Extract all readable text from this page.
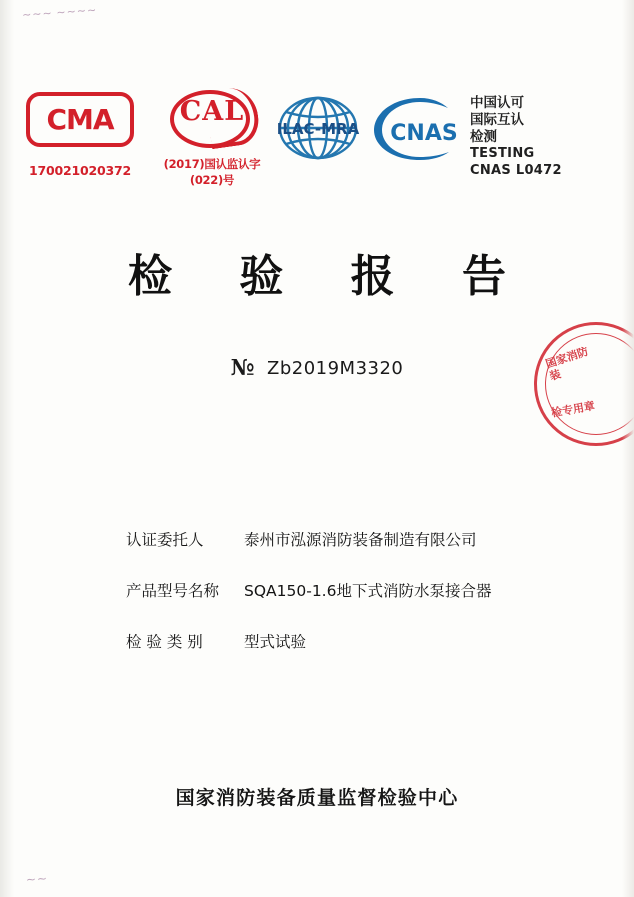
∼∼∼ ∼∼∼∼
CMA
170021020372
CAL
(2017)国认监认字(022)号
ILAC-MRA CNAS
中国认可
国际互认
检测
TESTING
CNAS L0472
检 验 报 告
№ Zb2019M3320	国家消防装
检专用章
认证委托人	泰州市泓源消防装备制造有限公司
产品型号名称	SQA150-1.6地下式消防水泵接合器
检 验 类 别	型式试验
国家消防装备质量监督检验中心
∼∼
